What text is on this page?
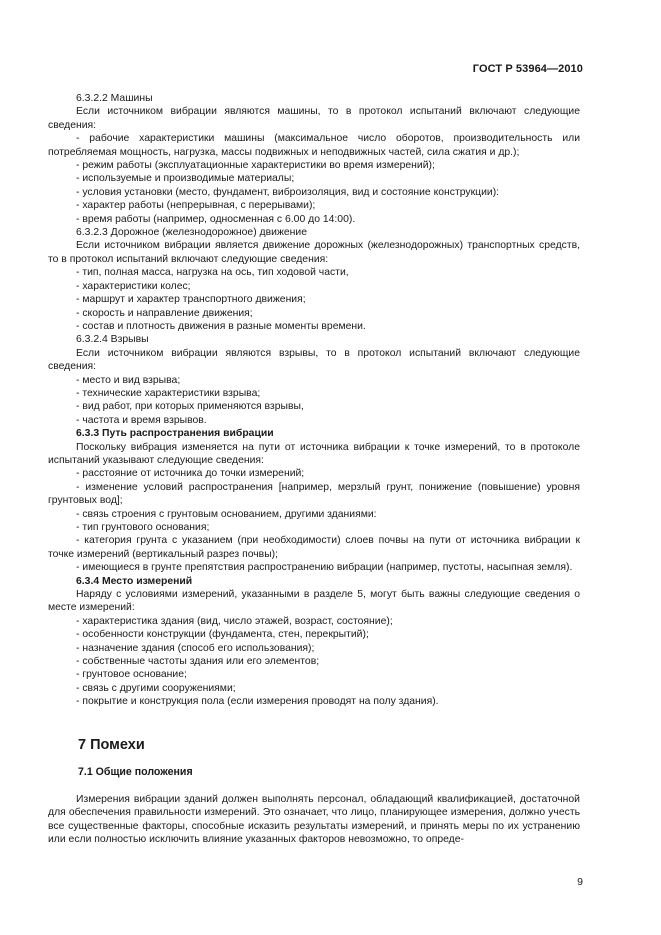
ГОСТ Р 53964—2010

6.3.2.2 Машины

Если источником вибрации являются машины, то в протокол испытаний включают следующие сведения:

- рабочие характеристики машины (максимальное число оборотов, производительность или потребляемая мощность, нагрузка, массы подвижных и неподвижных частей, сила сжатия и др.);

- режим работы (эксплуатационные характеристики во время измерений);

- используемые и производимые материалы;

- условия установки (место, фундамент, виброизоляция, вид и состояние конструкции):

- характер работы (непрерывная, с перерывами);

- время работы (например, односменная с 6.00 до 14:00).

6.3.2.3 Дорожное (железнодорожное) движение

Если источником вибрации является движение дорожных (железнодорожных) транспортных средств, то в протокол испытаний включают следующие сведения:

- тип, полная масса, нагрузка на ось, тип ходовой части,

- характеристики колес;

- маршрут и характер транспортного движения;

- скорость и направление движения;

- состав и плотность движения в разные моменты времени.

6.3.2.4 Взрывы

Если источником вибрации являются взрывы, то в протокол испытаний включают следующие сведения:

- место и вид взрыва;

- технические характеристики взрыва;

- вид работ, при которых применяются взрывы,

- частота и время взрывов.

6.3.3 Путь распространения вибрации

Поскольку вибрация изменяется на пути от источника вибрации к точке измерений, то в протоколе испытаний указывают следующие сведения:

- расстояние от источника до точки измерений;

- изменение условий распространения [например, мерзлый грунт, понижение (повышение) уровня грунтовых вод];

- связь строения с грунтовым основанием, другими зданиями:

- тип грунтового основания;

- категория грунта с указанием (при необходимости) слоев почвы на пути от источника вибрации к точке измерений (вертикальный разрез почвы);

- имеющиеся в грунте препятствия распространению вибрации (например, пустоты, насыпная земля).

6.3.4 Место измерений

Наряду с условиями измерений, указанными в разделе 5, могут быть важны следующие сведения о месте измерений:

- характеристика здания (вид, число этажей, возраст, состояние);

- особенности конструкции (фундамента, стен, перекрытий);

- назначение здания (способ его использования);

- собственные частоты здания или его элементов;

- грунтовое основание;

- связь с другими сооружениями;

- покрытие и конструкция пола (если измерения проводят на полу здания).

7 Помехи
7.1 Общие положения

Измерения вибрации зданий должен выполнять персонал, обладающий квалификацией, достаточной для обеспечения правильности измерений. Это означает, что лицо, планирующее измерения, должно учесть все существенные факторы, способные исказить результаты измерений, и принять меры по их устранению или если полностью исключить влияние указанных факторов невозможно, то опреде-

9
